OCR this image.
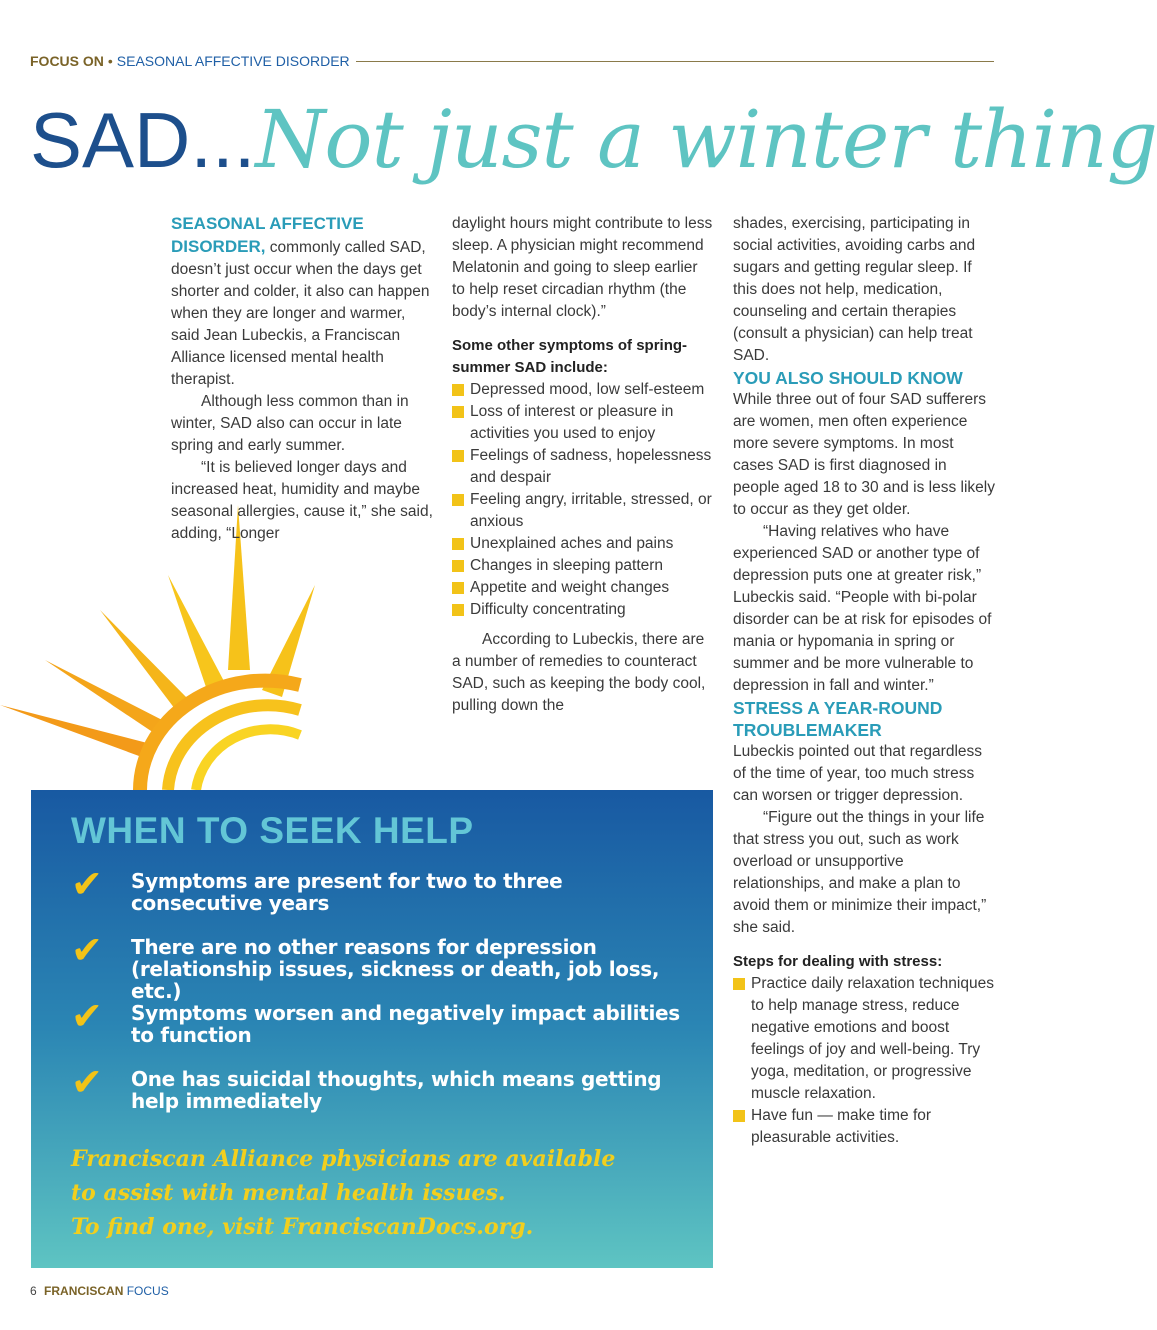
FOCUS ON • SEASONAL AFFECTIVE DISORDER
SAD...Not just a winter thing

SEASONAL AFFECTIVE
DISORDER, commonly called SAD, doesn’t just occur when the days get shorter and colder, it also can happen when they are longer and warmer, said Jean Lubeckis, a Franciscan Alliance licensed mental health therapist.

Although less common than in winter, SAD also can occur in late spring and early summer.

“It is believed longer days and increased heat, humidity and maybe seasonal allergies, cause it,” she said, adding, “Longer

daylight hours might contribute to less sleep. A physician might recommend Melatonin and going to sleep earlier to help reset circadian rhythm (the body’s internal clock).”

Some other symptoms of spring-summer SAD include:

Depressed mood, low self-esteem
Loss of interest or pleasure in activities you used to enjoy
Feelings of sadness, hopelessness and despair
Feeling angry, irritable, stressed, or anxious
Unexplained aches and pains
Changes in sleeping pattern
Appetite and weight changes
Difficulty concentrating

According to Lubeckis, there are a number of remedies to counteract SAD, such as keeping the body cool, pulling down the

shades, exercising, participating in social activities, avoiding carbs and sugars and getting regular sleep. If this does not help, medication, counseling and certain therapies (consult a physician) can help treat SAD.

YOU ALSO SHOULD KNOW

While three out of four SAD sufferers are women, men often experience more severe symptoms. In most cases SAD is first diagnosed in people aged 18 to 30 and is less likely to occur as they get older.

“Having relatives who have experienced SAD or another type of depression puts one at greater risk,” Lubeckis said. “People with bi-polar disorder can be at risk for episodes of mania or hypomania in spring or summer and be more vulnerable to depression in fall and winter.”

STRESS A YEAR-ROUND TROUBLEMAKER

Lubeckis pointed out that regardless of the time of year, too much stress can worsen or trigger depression.

“Figure out the things in your life that stress you out, such as work overload or unsupportive relationships, and make a plan to avoid them or minimize their impact,” she said.

Steps for dealing with stress:

Practice daily relaxation techniques to help manage stress, reduce negative emotions and boost feelings of joy and well-being. Try yoga, meditation, or progressive muscle relaxation.
Have fun — make time for pleasurable activities.
WHEN TO SEEK HELP
✔ Symptoms are present for two to three consecutive years
✔ There are no other reasons for depression (relationship issues, sickness or death, job loss, etc.)
✔ Symptoms worsen and negatively impact abilities to function
✔ One has suicidal thoughts, which means getting help immediately
Franciscan Alliance physicians are available
to assist with mental health issues.
To find one, visit FranciscanDocs.org.
6 FRANCISCAN FOCUS
